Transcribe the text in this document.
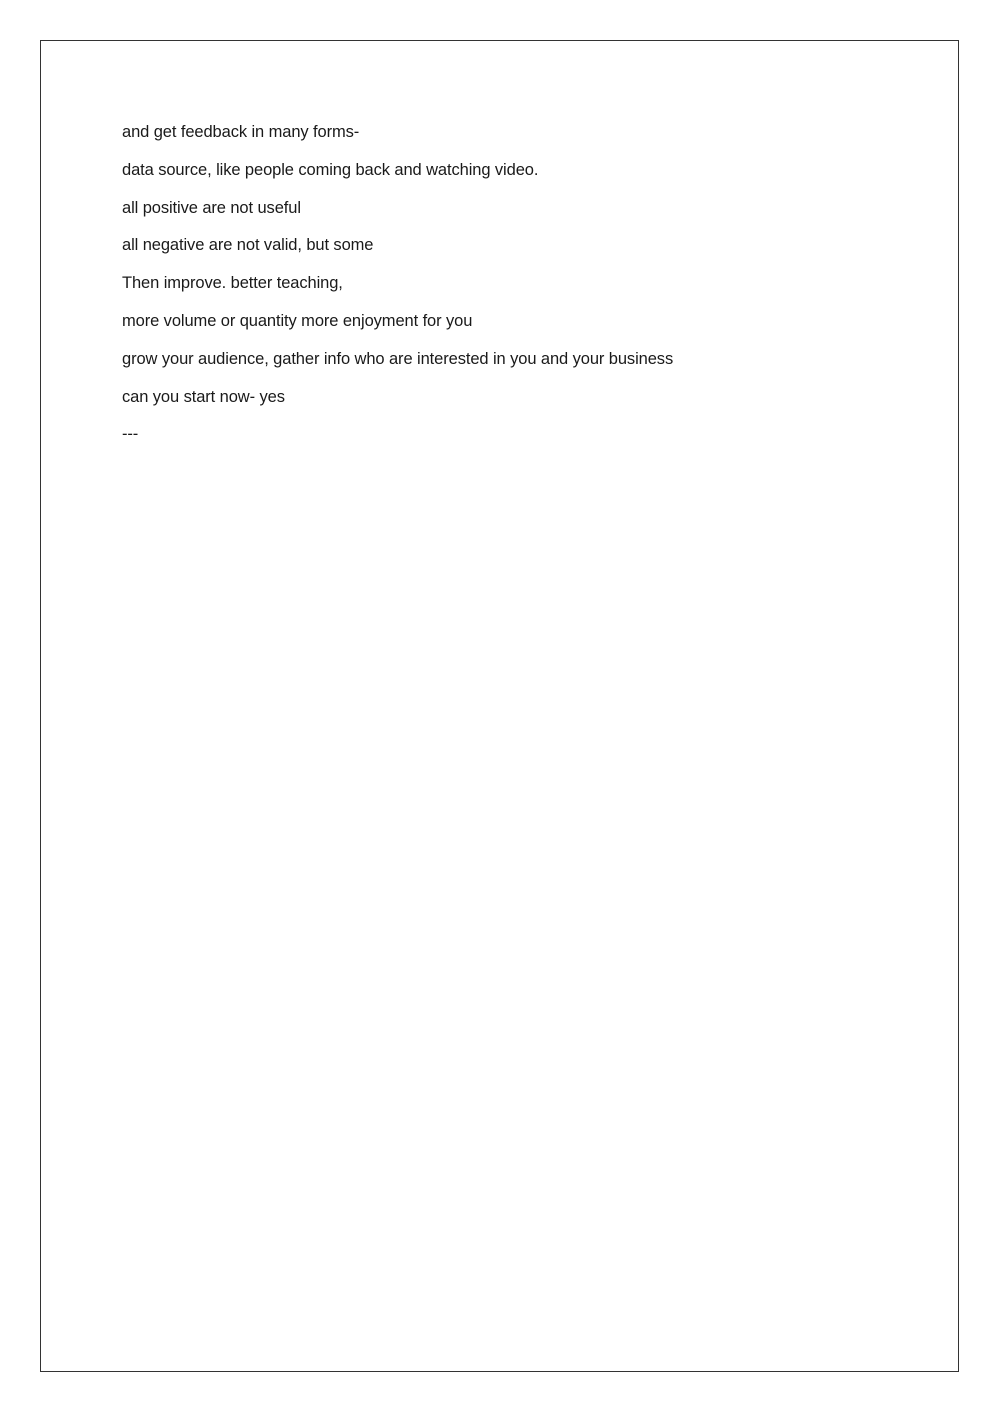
and get feedback in many forms-

data source, like people coming back and watching video.

all positive are not useful

all negative are not valid, but some

Then improve. better teaching,

more volume or quantity more enjoyment for you

grow your audience, gather info who are interested in you and your business

can you start now- yes

---
